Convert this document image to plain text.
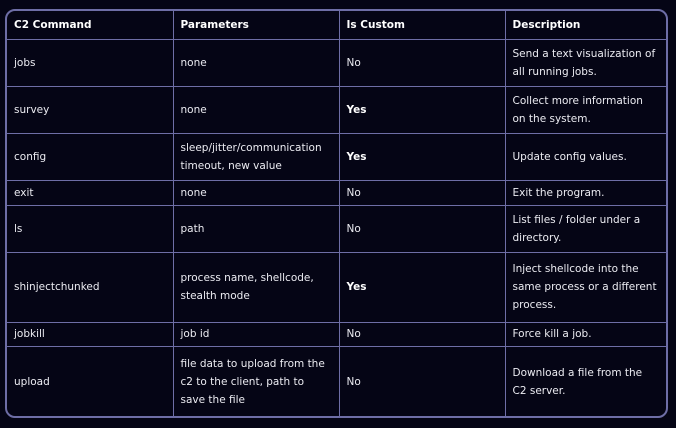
C2 Command	Parameters	Is Custom	Description
jobs	none	No	Send a text visualization of all running jobs.
survey	none	Yes	Collect more information on the system.
config	sleep/jitter/communication timeout, new value	Yes	Update config values.
exit	none	No	Exit the program.
ls	path	No	List files / folder under a directory.
shinjectchunked	process name, shellcode, stealth mode	Yes	Inject shellcode into the same process or a different process.
jobkill	job id	No	Force kill a job.
upload	file data to upload from the c2 to the client, path to save the file	No	Download a file from the C2 server.
